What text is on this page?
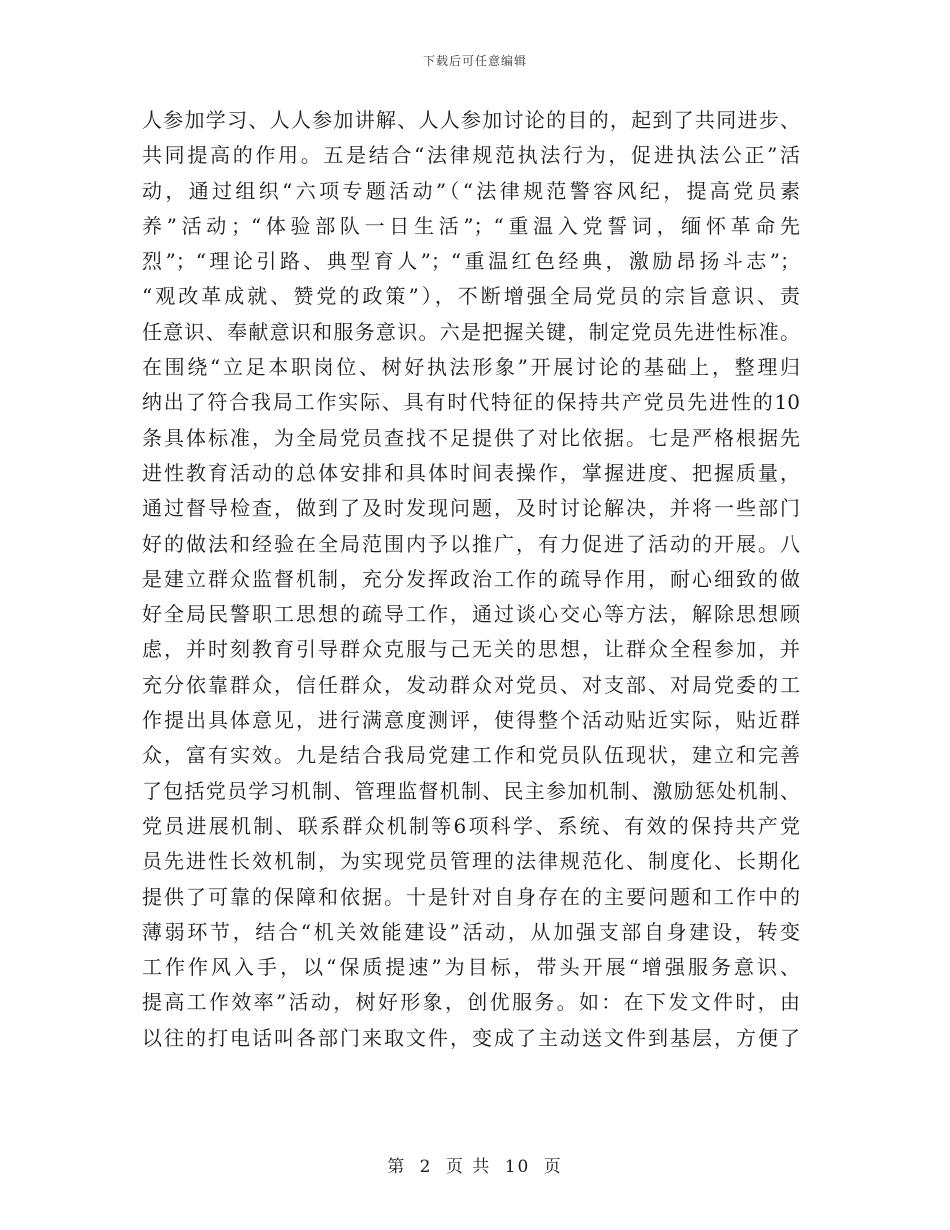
下载后可任意编辑
人参加学习、人人参加讲解、人人参加讨论的目的，起到了共同进步、
共同提高的作用。五是结合“法律规范执法行为，促进执法公正”活
动，通过组织“六项专题活动”（“法律规范警容风纪，提高党员素
养”活动；“体验部队一日生活”；“重温入党誓词，缅怀革命先
烈”；“理论引路、典型育人”；“重温红色经典，激励昂扬斗志”；
“观改革成就、赞党的政策”），不断增强全局党员的宗旨意识、责
任意识、奉献意识和服务意识。六是把握关键，制定党员先进性标准。
在围绕“立足本职岗位、树好执法形象”开展讨论的基础上，整理归
纳出了符合我局工作实际、具有时代特征的保持共产党员先进性的10
条具体标准，为全局党员查找不足提供了对比依据。七是严格根据先
进性教育活动的总体安排和具体时间表操作，掌握进度、把握质量，
通过督导检查，做到了及时发现问题，及时讨论解决，并将一些部门
好的做法和经验在全局范围内予以推广，有力促进了活动的开展。八
是建立群众监督机制，充分发挥政治工作的疏导作用，耐心细致的做
好全局民警职工思想的疏导工作，通过谈心交心等方法，解除思想顾
虑，并时刻教育引导群众克服与己无关的思想，让群众全程参加，并
充分依靠群众，信任群众，发动群众对党员、对支部、对局党委的工
作提出具体意见，进行满意度测评，使得整个活动贴近实际，贴近群
众，富有实效。九是结合我局党建工作和党员队伍现状，建立和完善
了包括党员学习机制、管理监督机制、民主参加机制、激励惩处机制、
党员进展机制、联系群众机制等6项科学、系统、有效的保持共产党
员先进性长效机制，为实现党员管理的法律规范化、制度化、长期化
提供了可靠的保障和依据。十是针对自身存在的主要问题和工作中的
薄弱环节，结合“机关效能建设”活动，从加强支部自身建设，转变
工作作风入手，以“保质提速”为目标，带头开展“增强服务意识、
提高工作效率”活动，树好形象，创优服务。如：在下发文件时，由
以往的打电话叫各部门来取文件，变成了主动送文件到基层，方便了
第 2 页 共 10 页
